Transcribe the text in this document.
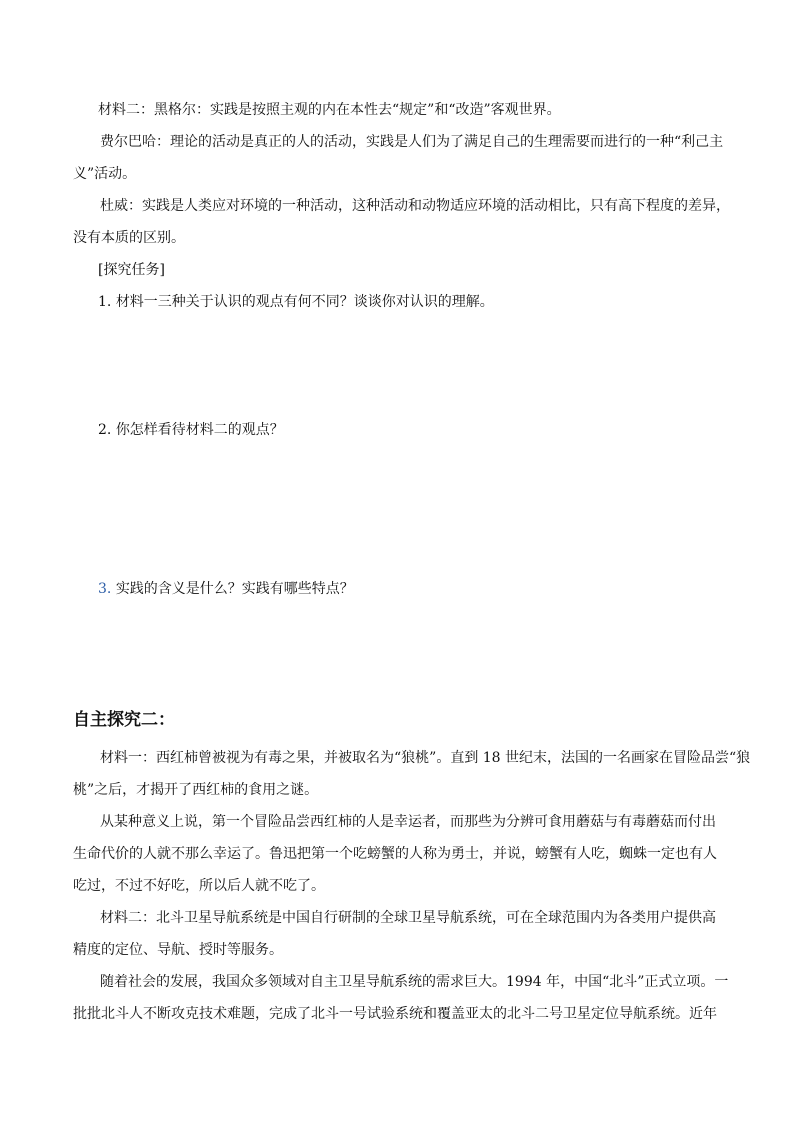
材料二：黑格尔：实践是按照主观的内在本性去“规定”和“改造”客观世界。
费尔巴哈：理论的活动是真正的人的活动，实践是人们为了满足自己的生理需要而进行的一种“利己主
义”活动。
杜威：实践是人类应对环境的一种活动，这种活动和动物适应环境的活动相比，只有高下程度的差异，
没有本质的区别。
[探究任务]
1. 材料一三种关于认识的观点有何不同？谈谈你对认识的理解。
2. 你怎样看待材料二的观点？
3. 实践的含义是什么？实践有哪些特点？
自主探究二：
材料一：西红柿曾被视为有毒之果，并被取名为“狼桃”。直到 18 世纪末，法国的一名画家在冒险品尝“狼
桃”之后，才揭开了西红柿的食用之谜。
从某种意义上说，第一个冒险品尝西红柿的人是幸运者，而那些为分辨可食用蘑菇与有毒蘑菇而付出
生命代价的人就不那么幸运了。鲁迅把第一个吃螃蟹的人称为勇士，并说，螃蟹有人吃，蜘蛛一定也有人
吃过，不过不好吃，所以后人就不吃了。
材料二：北斗卫星导航系统是中国自行研制的全球卫星导航系统，可在全球范围内为各类用户提供高
精度的定位、导航、授时等服务。
随着社会的发展，我国众多领域对自主卫星导航系统的需求巨大。1994 年，中国“北斗”正式立项。一
批批北斗人不断攻克技术难题，完成了北斗一号试验系统和覆盖亚太的北斗二号卫星定位导航系统。近年
